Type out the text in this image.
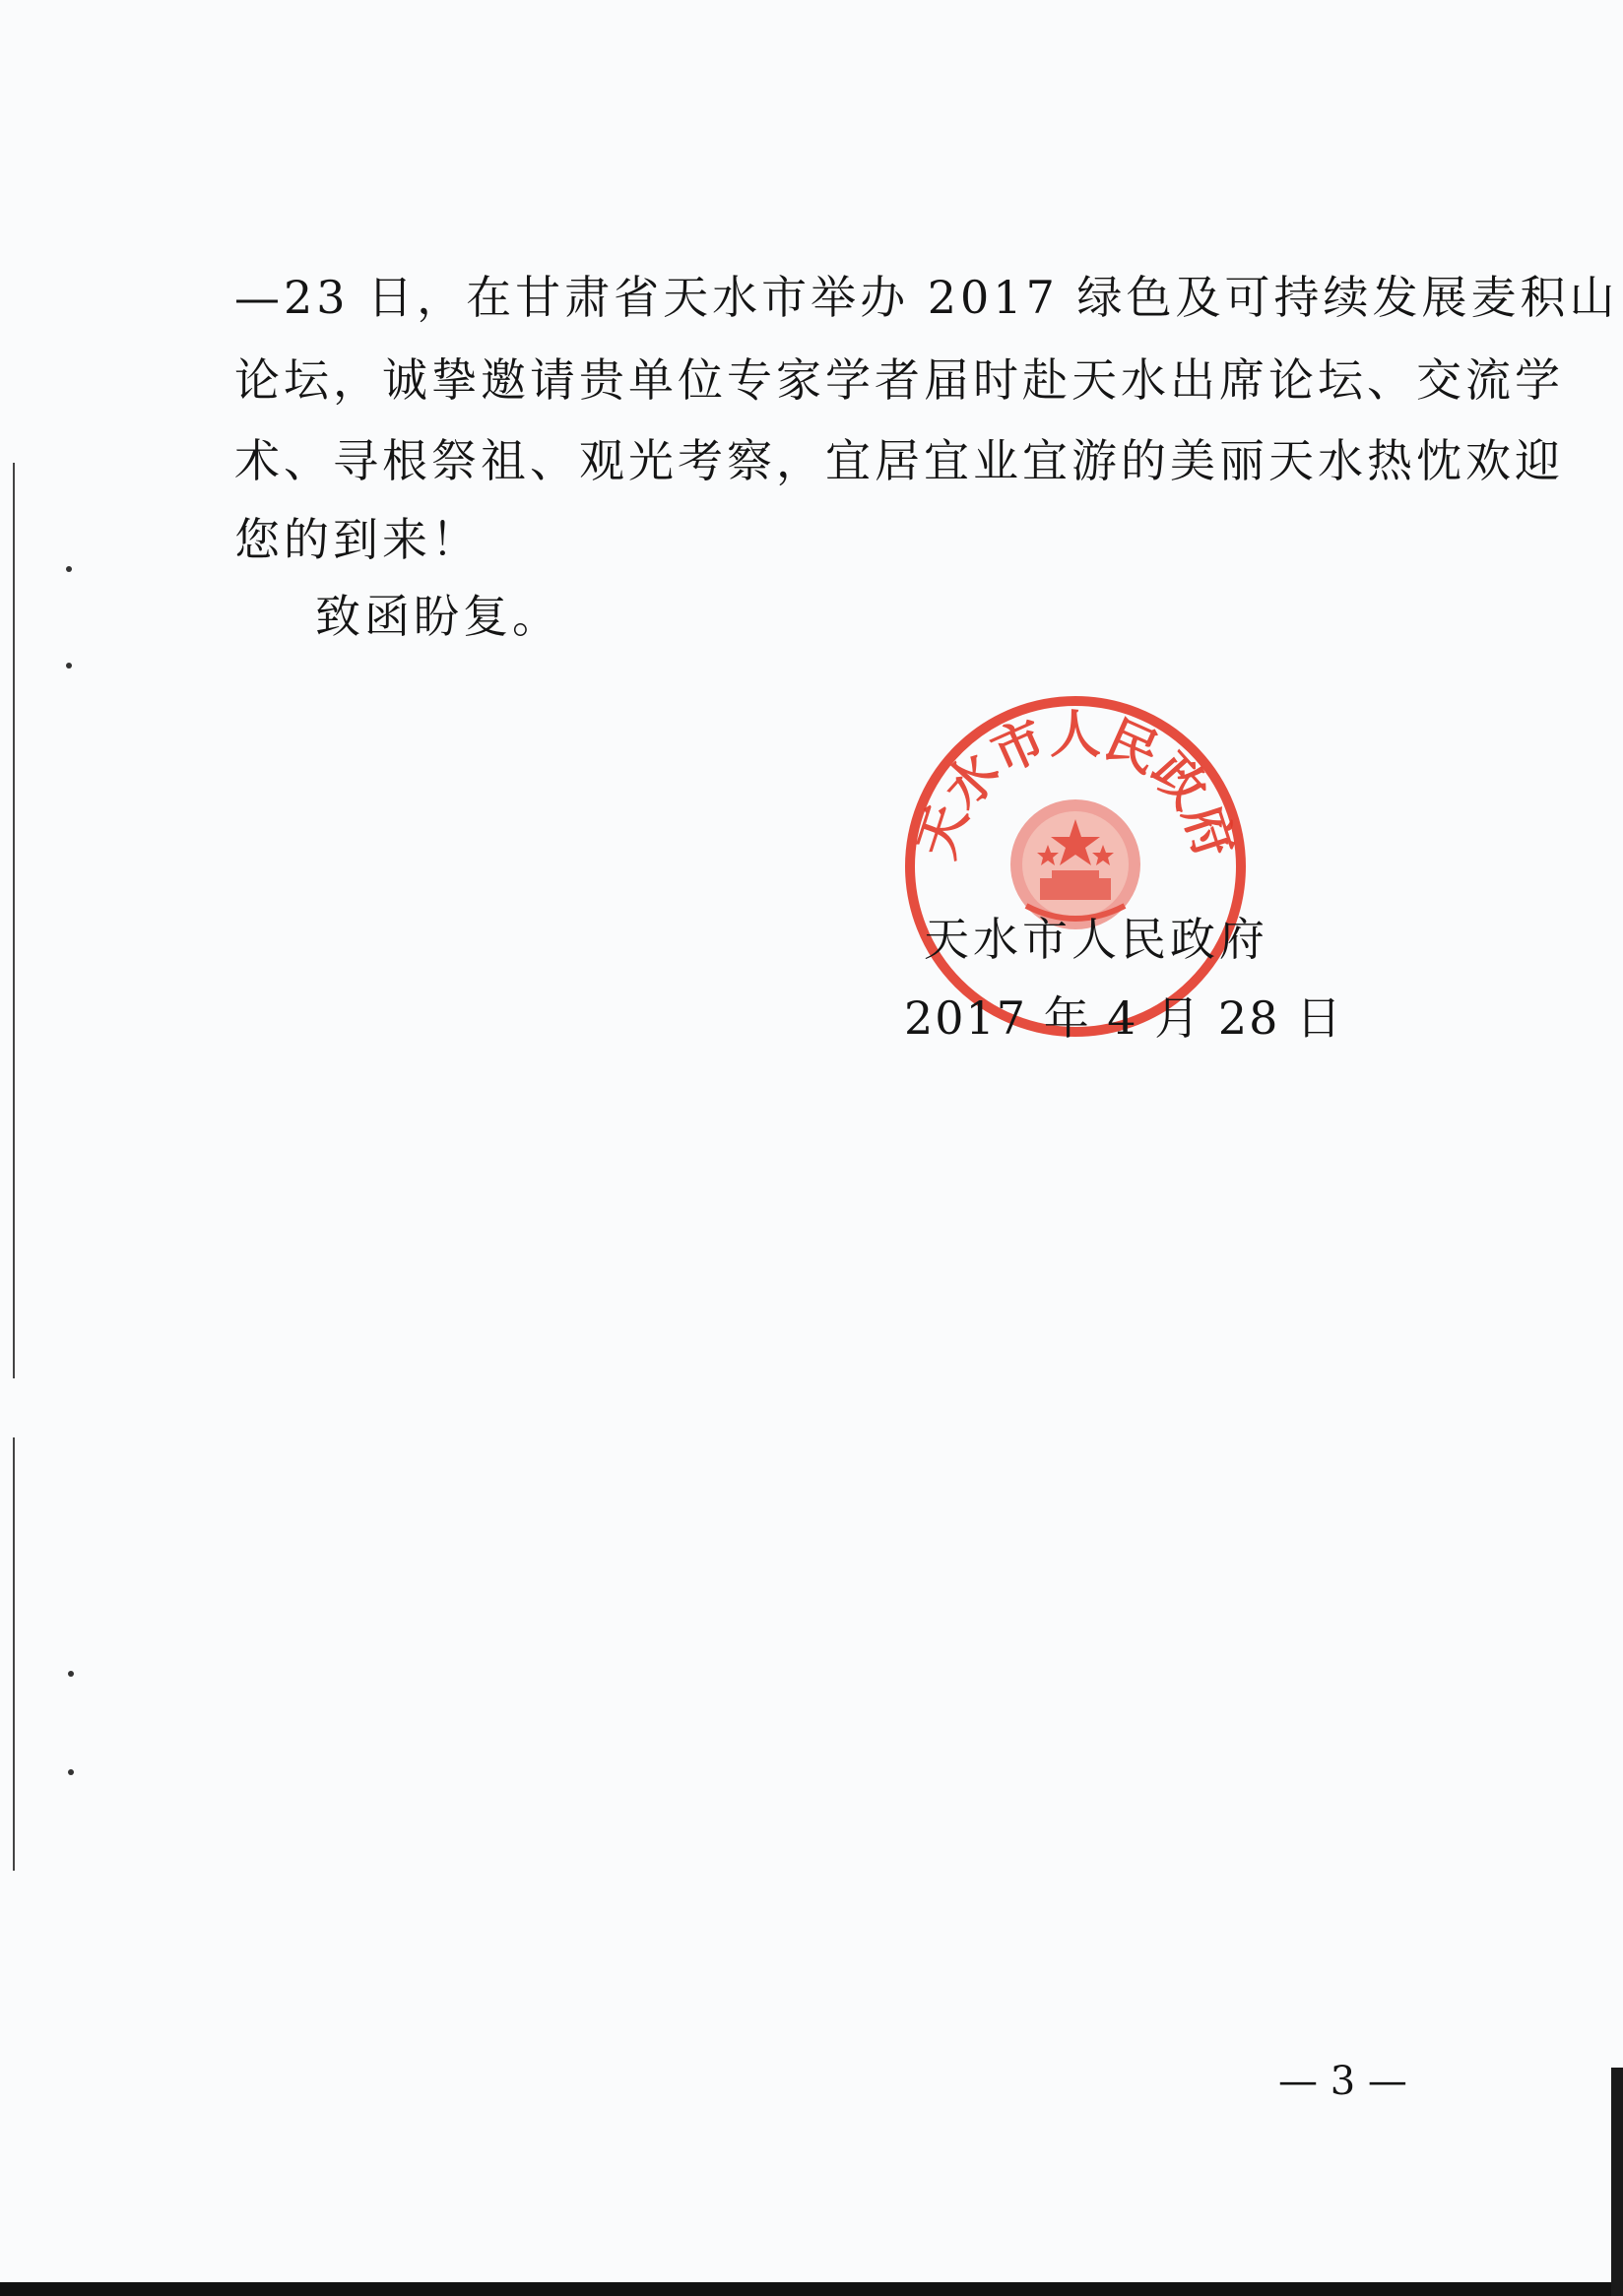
—23 日，在甘肃省天水市举办 2017 绿色及可持续发展麦积山
论坛，诚挚邀请贵单位专家学者届时赴天水出席论坛、交流学
术、寻根祭祖、观光考察，宜居宜业宜游的美丽天水热忱欢迎
您的到来！
致函盼复。
天水市人民政府
天水市人民政府
2017 年 4 月 28 日
— 3 —
